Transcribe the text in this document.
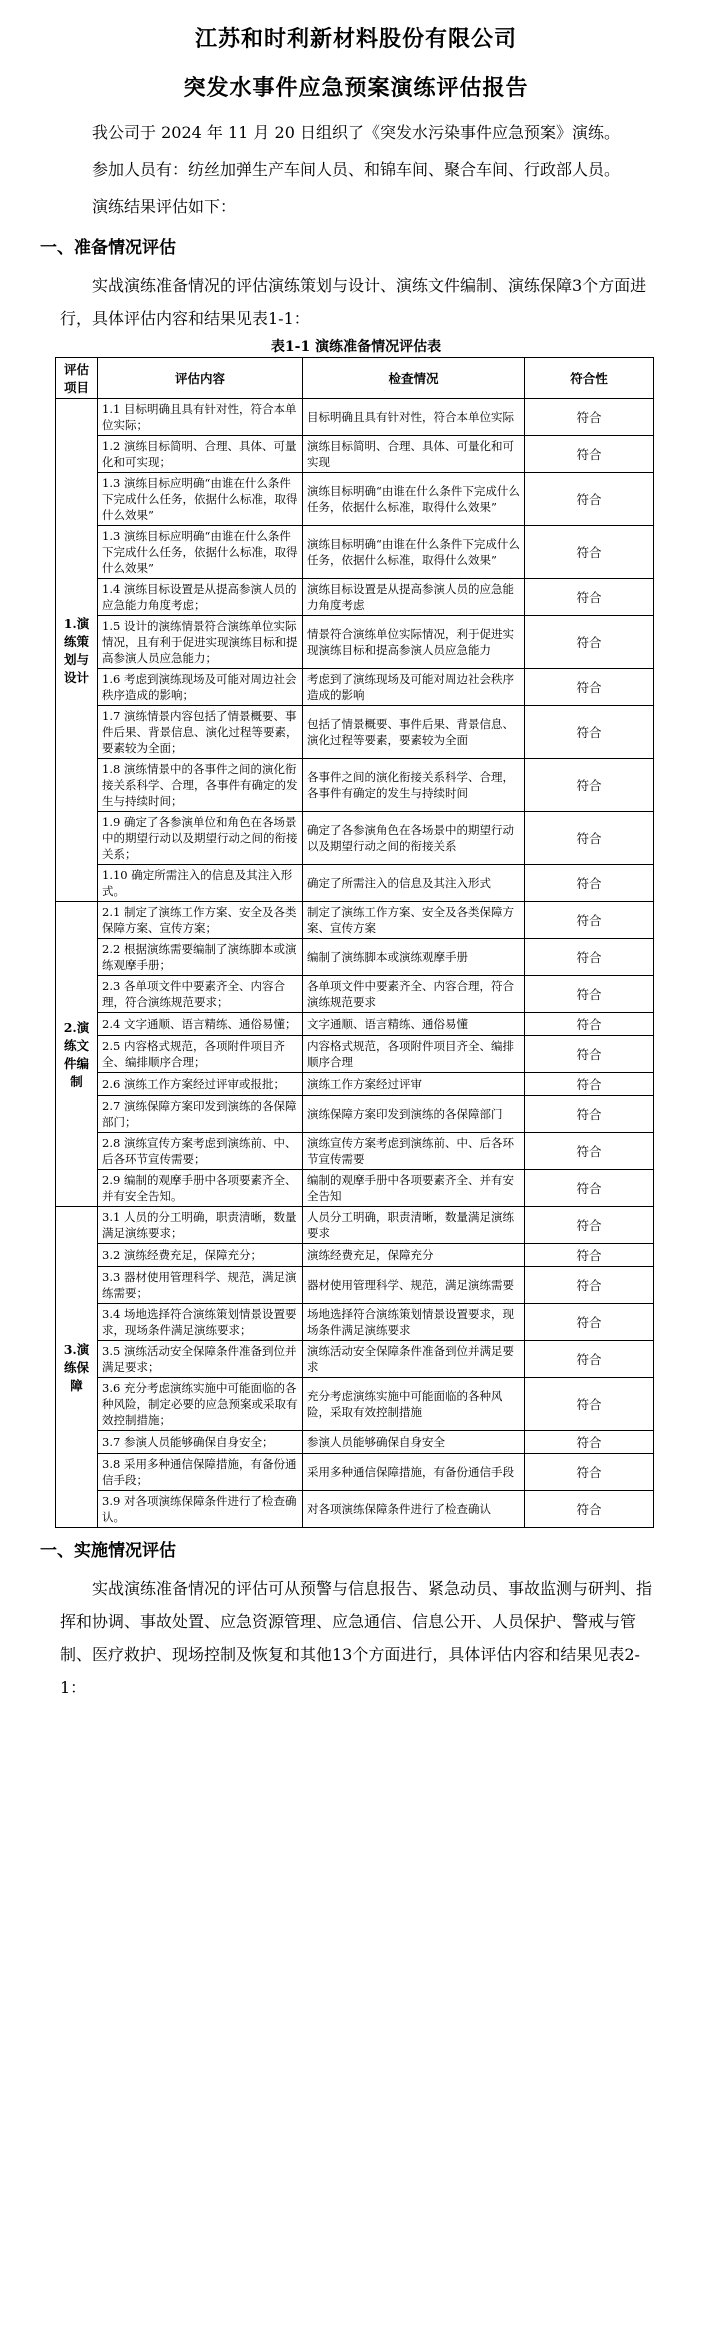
江苏和时利新材料股份有限公司
突发水事件应急预案演练评估报告

我公司于 2024 年 11 月 20 日组织了《突发水污染事件应急预案》演练。

参加人员有：纺丝加弹生产车间人员、和锦车间、聚合车间、行政部人员。

演练结果评估如下：

一、准备情况评估

实战演练准备情况的评估演练策划与设计、演练文件编制、演练保障3个方面进行，具体评估内容和结果见表1-1：

表1-1 演练准备情况评估表
评估项目	评估内容	检查情况	符合性
1.演练策划与设计	1.1 目标明确且具有针对性，符合本单位实际；	目标明确且具有针对性，符合本单位实际	符合
	1.2 演练目标简明、合理、具体、可量化和可实现；	演练目标简明、合理、具体、可量化和可实现	符合
	1.3 演练目标应明确“由谁在什么条件下完成什么任务，依据什么标准，取得什么效果”	演练目标明确“由谁在什么条件下完成什么任务，依据什么标准，取得什么效果”	符合
	1.3 演练目标应明确“由谁在什么条件下完成什么任务，依据什么标准，取得什么效果”	演练目标明确“由谁在什么条件下完成什么任务，依据什么标准，取得什么效果”	符合
	1.4 演练目标设置是从提高参演人员的应急能力角度考虑；	演练目标设置是从提高参演人员的应急能力角度考虑	符合
	1.5 设计的演练情景符合演练单位实际情况，且有利于促进实现演练目标和提高参演人员应急能力；	情景符合演练单位实际情况，利于促进实现演练目标和提高参演人员应急能力	符合
	1.6 考虑到演练现场及可能对周边社会秩序造成的影响；	考虑到了演练现场及可能对周边社会秩序造成的影响	符合
	1.7 演练情景内容包括了情景概要、事件后果、背景信息、演化过程等要素，要素较为全面；	包括了情景概要、事件后果、背景信息、演化过程等要素，要素较为全面	符合
	1.8 演练情景中的各事件之间的演化衔接关系科学、合理，各事件有确定的发生与持续时间；	各事件之间的演化衔接关系科学、合理，各事件有确定的发生与持续时间	符合
	1.9 确定了各参演单位和角色在各场景中的期望行动以及期望行动之间的衔接关系；	确定了各参演角色在各场景中的期望行动以及期望行动之间的衔接关系	符合
	1.10 确定所需注入的信息及其注入形式。	确定了所需注入的信息及其注入形式	符合
2.演练文件编制	2.1 制定了演练工作方案、安全及各类保障方案、宣传方案；	制定了演练工作方案、安全及各类保障方案、宣传方案	符合
	2.2 根据演练需要编制了演练脚本或演练观摩手册；	编制了演练脚本或演练观摩手册	符合
	2.3 各单项文件中要素齐全、内容合理，符合演练规范要求；	各单项文件中要素齐全、内容合理，符合演练规范要求	符合
	2.4 文字通顺、语言精练、通俗易懂；	文字通顺、语言精练、通俗易懂	符合
	2.5 内容格式规范，各项附件项目齐全、编排顺序合理；	内容格式规范，各项附件项目齐全、编排顺序合理	符合
	2.6 演练工作方案经过评审或报批；	演练工作方案经过评审	符合
	2.7 演练保障方案印发到演练的各保障部门；	演练保障方案印发到演练的各保障部门	符合
	2.8 演练宣传方案考虑到演练前、中、后各环节宣传需要；	演练宣传方案考虑到演练前、中、后各环节宣传需要	符合
	2.9 编制的观摩手册中各项要素齐全、并有安全告知。	编制的观摩手册中各项要素齐全、并有安全告知	符合
3.演练保障	3.1 人员的分工明确，职责清晰，数量满足演练要求；	人员分工明确，职责清晰，数量满足演练要求	符合
	3.2 演练经费充足，保障充分；	演练经费充足，保障充分	符合
	3.3 器材使用管理科学、规范，满足演练需要；	器材使用管理科学、规范，满足演练需要	符合
	3.4 场地选择符合演练策划情景设置要求，现场条件满足演练要求；	场地选择符合演练策划情景设置要求，现场条件满足演练要求	符合
	3.5 演练活动安全保障条件准备到位并满足要求；	演练活动安全保障条件准备到位并满足要求	符合
	3.6 充分考虑演练实施中可能面临的各种风险，制定必要的应急预案或采取有效控制措施；	充分考虑演练实施中可能面临的各种风险，采取有效控制措施	符合
	3.7 参演人员能够确保自身安全；	参演人员能够确保自身安全	符合
	3.8 采用多种通信保障措施，有备份通信手段；	采用多种通信保障措施，有备份通信手段	符合
	3.9 对各项演练保障条件进行了检查确认。	对各项演练保障条件进行了检查确认	符合
一、实施情况评估

实战演练准备情况的评估可从预警与信息报告、紧急动员、事故监测与研判、指挥和协调、事故处置、应急资源管理、应急通信、信息公开、人员保护、警戒与管制、医疗救护、现场控制及恢复和其他13个方面进行，具体评估内容和结果见表2-1：
